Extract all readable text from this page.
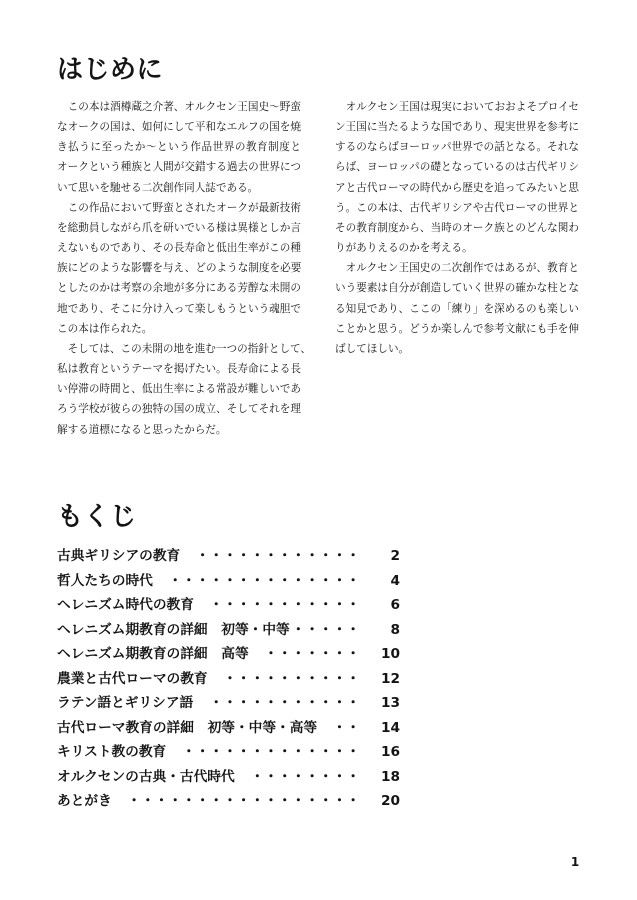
はじめに
　この本は酒樽蔵之介著、オルクセン王国史〜野蛮
なオークの国は、如何にして平和なエルフの国を焼
き払うに至ったか〜という作品世界の教育制度と
オークという種族と人間が交錯する過去の世界につ
いて思いを馳せる二次創作同人誌である。
　この作品において野蛮とされたオークが最新技術
を総動員しながら爪を研いでいる様は異様としか言
えないものであり、その長寿命と低出生率がこの種
族にどのような影響を与え、どのような制度を必要
としたのかは考察の余地が多分にある芳醇な未開の
地であり、そこに分け入って楽しもうという魂胆で
この本は作られた。
　そしては、この未開の地を進む一つの指針として、
私は教育というテーマを掲げたい。長寿命による長
い停滞の時間と、低出生率による常設が難しいであ
ろう学校が彼らの独特の国の成立、そしてそれを理
解する道標になると思ったからだ。
　オルクセン王国は現実においておおよそプロイセ
ン王国に当たるような国であり、現実世界を参考に
するのならばヨーロッパ世界での話となる。それな
らば、ヨーロッパの礎となっているのは古代ギリシ
アと古代ローマの時代から歴史を追ってみたいと思
う。この本は、古代ギリシアや古代ローマの世界と
その教育制度から、当時のオーク族とのどんな関わ
りがありえるのかを考える。
　オルクセン王国史の二次創作ではあるが、教育と
いう要素は自分が創造していく世界の確かな柱とな
る知見であり、ここの「練り」を深めるのも楽しい
ことかと思う。どうか楽しんで参考文献にも手を伸
ばしてほしい。
もくじ
古典ギリシアの教育 ・・・・・・・・・・・・ 2
哲人たちの時代 ・・・・・・・・・・・・・・ 4
ヘレニズム時代の教育 ・・・・・・・・・・・ 6
ヘレニズム期教育の詳細　初等・中等 ・・・・・ 8
ヘレニズム期教育の詳細　高等 ・・・・・・・ 10
農業と古代ローマの教育 ・・・・・・・・・・ 12
ラテン語とギリシア語 ・・・・・・・・・・・ 13
古代ローマ教育の詳細　初等・中等・高等 ・・ 14
キリスト教の教育 ・・・・・・・・・・・・・ 16
オルクセンの古典・古代時代 ・・・・・・・・ 18
あとがき ・・・・・・・・・・・・・・・・・ 20
1
